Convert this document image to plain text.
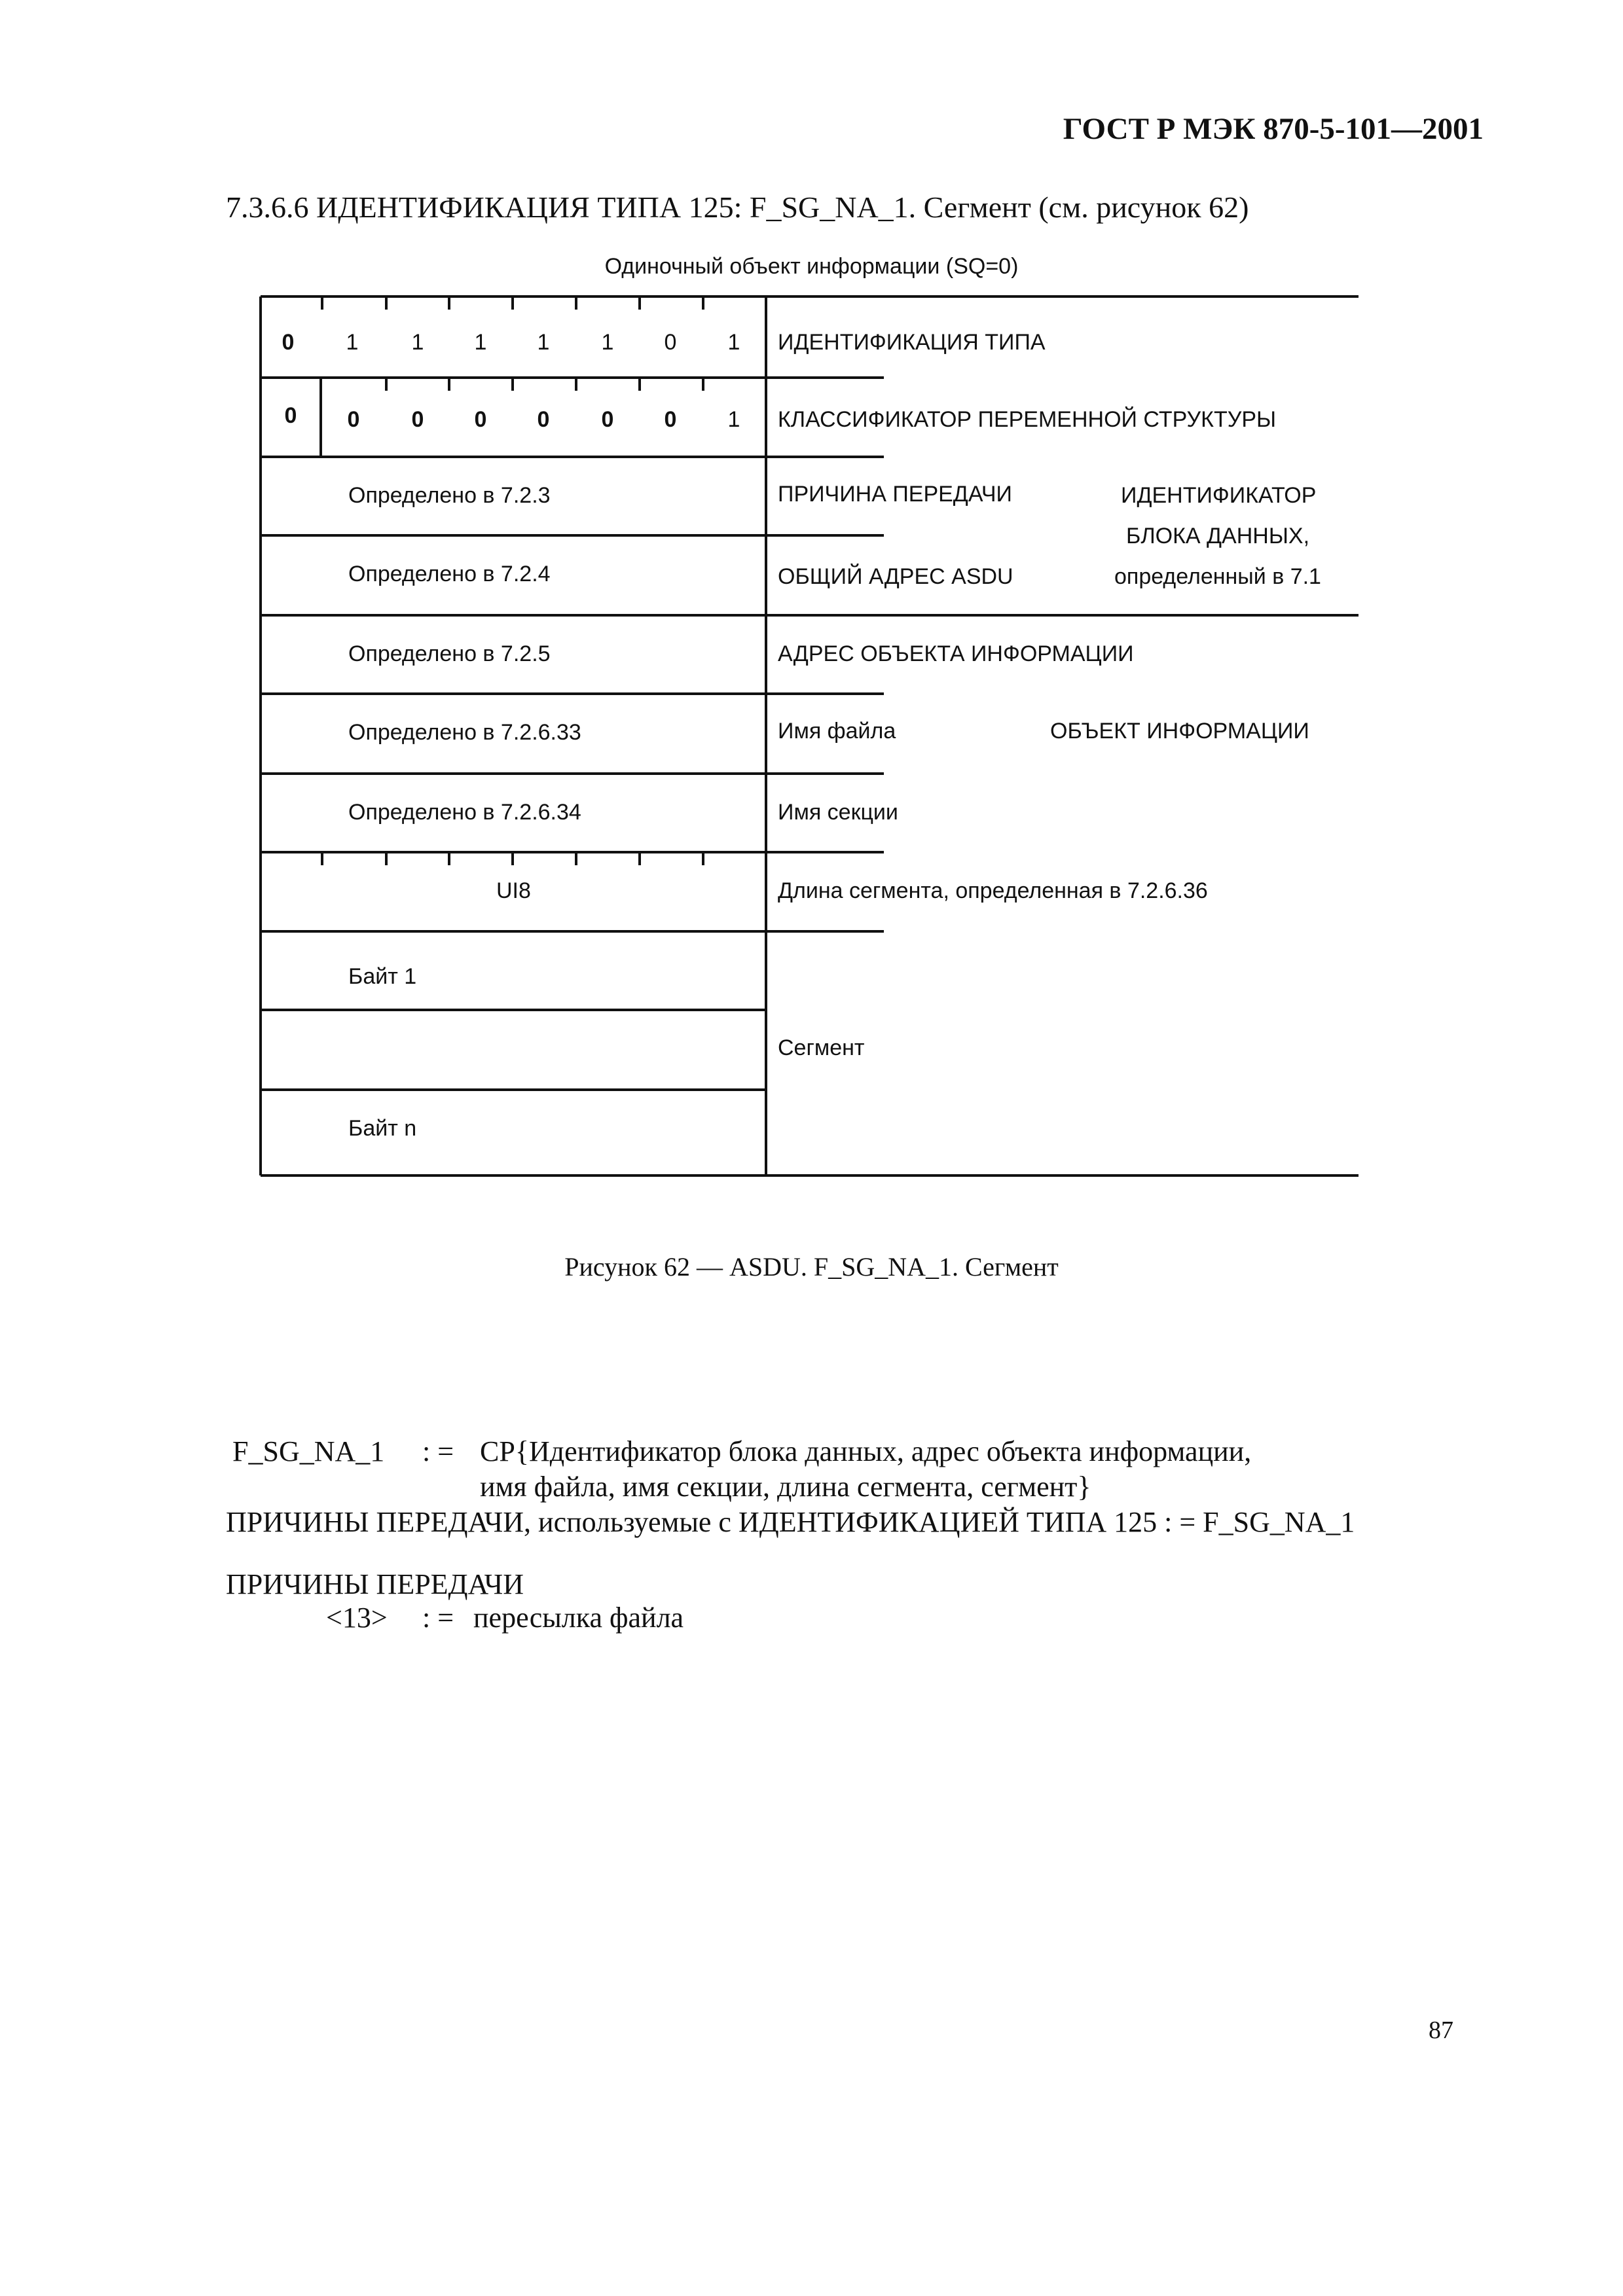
ГОСТ Р МЭК 870-5-101—2001
7.3.6.6 ИДЕНТИФИКАЦИЯ ТИПА 125: F_SG_NA_1. Сегмент (см. рисунок 62)
Одиночный объект информации (SQ=0)
0 1 1 1 1 1 0 1
0 0 0 0 0 0 0 1
Определено в 7.2.3
Определено в 7.2.4
Определено в 7.2.5
Определено в 7.2.6.33
Определено в 7.2.6.34
UI8
Байт 1
Байт n
ИДЕНТИФИКАЦИЯ ТИПА
КЛАССИФИКАТОР ПЕРЕМЕННОЙ СТРУКТУРЫ
ПРИЧИНА ПЕРЕДАЧИ	ИДЕНТИФИКАТОР
БЛОКА ДАННЫХ,
определенный в 7.1
ОБЩИЙ АДРЕС ASDU
АДРЕС ОБЪЕКТА ИНФОРМАЦИИ
Имя файла	ОБЪЕКТ ИНФОРМАЦИИ
Имя секции
Длина сегмента, определенная в 7.2.6.36
Сегмент
Рисунок 62 — ASDU. F_SG_NA_1. Сегмент
F_SG_NA_1 : = CP{Идентификатор блока данных, адрес объекта информации,
имя файла, имя секции, длина сегмента, сегмент}
ПРИЧИНЫ ПЕРЕДАЧИ, используемые с ИДЕНТИФИКАЦИЕЙ ТИПА 125 : = F_SG_NA_1
ПРИЧИНЫ ПЕРЕДАЧИ
<13> : = пересылка файла
87
